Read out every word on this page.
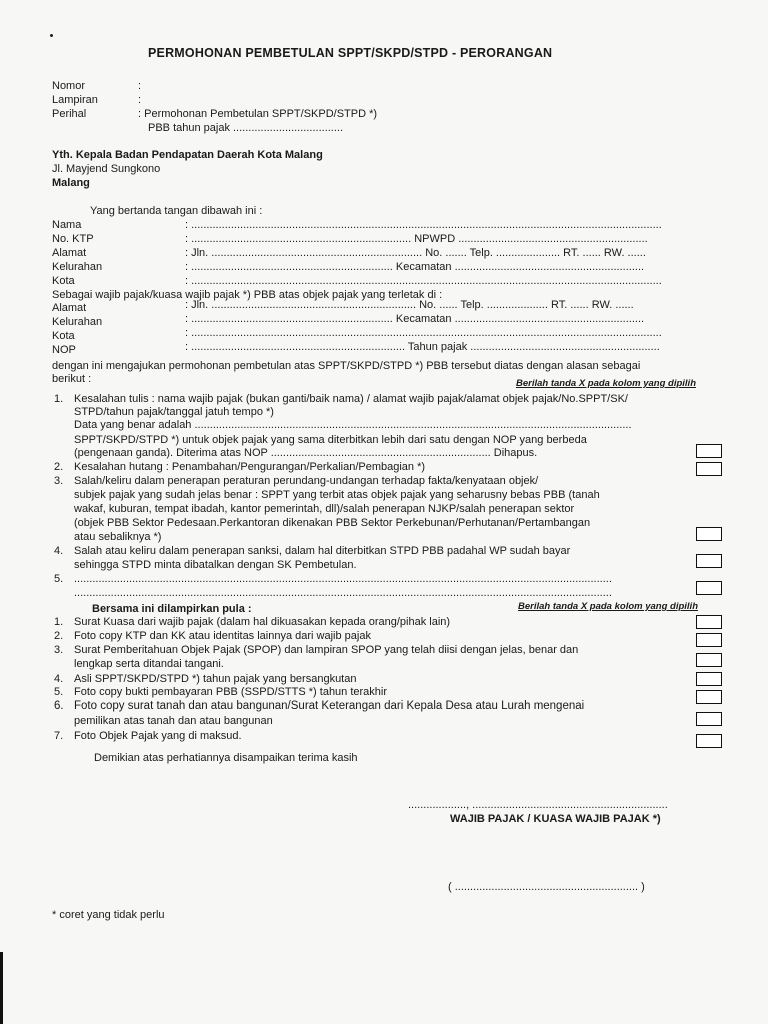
PERMOHONAN PEMBETULAN SPPT/SKPD/STPD - PERORANGAN
Nomor	:
Lampiran	:
Perihal	: Permohonan Pembetulan SPPT/SKPD/STPD *)
PBB tahun pajak ....................................
Yth. Kepala Badan Pendapatan Daerah Kota Malang
Jl. Mayjend Sungkono
Malang
Yang bertanda tangan dibawah ini :
Nama	: ..........................................................................................................................................................
No. KTP	: ........................................................................ NPWPD ..............................................................
Alamat	: Jln. ..................................................................... No. ....... Telp. ..................... RT. ...... RW. ......
Kelurahan	: .................................................................. Kecamatan ..............................................................
Kota	: ..........................................................................................................................................................
Sebagai wajib pajak/kuasa wajib pajak *) PBB atas objek pajak yang terletak di :
Alamat	: Jln. ................................................................... No. ...... Telp. .................... RT. ...... RW. ......
Kelurahan	: .................................................................. Kecamatan ..............................................................
Kota	: ..........................................................................................................................................................
NOP	: ...................................................................... Tahun pajak ..............................................................
dengan ini mengajukan permohonan pembetulan atas SPPT/SKPD/STPD *) PBB tersebut diatas dengan alasan sebagai
berikut :	Berilah tanda X pada kolom yang dipilih
1. Kesalahan tulis : nama wajib pajak (bukan ganti/baik nama) / alamat wajib pajak/alamat objek pajak/No.SPPT/SK/
STPD/tahun pajak/tanggal jatuh tempo *)
Data yang benar adalah ...............................................................................................................................................
SPPT/SKPD/STPD *) untuk objek pajak yang sama diterbitkan lebih dari satu dengan NOP yang berbeda
(pengenaan ganda). Diterima atas NOP ........................................................................ Dihapus.
2. Kesalahan hutang : Penambahan/Pengurangan/Perkalian/Pembagian *)
3. Salah/keliru dalam penerapan peraturan perundang-undangan terhadap fakta/kenyataan objek/
subjek pajak yang sudah jelas benar : SPPT yang terbit atas objek pajak yang seharusny bebas PBB (tanah
wakaf, kuburan, tempat ibadah, kantor pemerintah, dll)/salah penerapan NJKP/salah penerapan sektor
(objek PBB Sektor Pedesaan.Perkantoran dikenakan PBB Sektor Perkebunan/Perhutanan/Pertambangan
atau sebaliknya *)
4. Salah atau keliru dalam penerapan sanksi, dalam hal diterbitkan STPD PBB padahal WP sudah bayar
sehingga STPD minta dibatalkan dengan SK Pembetulan.
5. ................................................................................................................................................................................
................................................................................................................................................................................
Bersama ini dilampirkan pula :	Berilah tanda X pada kolom yang dipilih
1. Surat Kuasa dari wajib pajak (dalam hal dikuasakan kepada orang/pihak lain)
2. Foto copy KTP dan KK atau identitas lainnya dari wajib pajak
3. Surat Pemberitahuan Objek Pajak (SPOP) dan lampiran SPOP yang telah diisi dengan jelas, benar dan
lengkap serta ditandai tangani.
4. Asli SPPT/SKPD/STPD *) tahun pajak yang bersangkutan
5. Foto copy bukti pembayaran PBB (SSPD/STTS *) tahun terakhir
6. Foto copy surat tanah dan atau bangunan/Surat Keterangan dari Kepala Desa atau Lurah mengenai
pemilikan atas tanah dan atau bangunan
7. Foto Objek Pajak yang di maksud.
Demikian atas perhatiannya disampaikan terima kasih
..................., ................................................................
WAJIB PAJAK / KUASA WAJIB PAJAK *)
( ............................................................ )
* coret yang tidak perlu
